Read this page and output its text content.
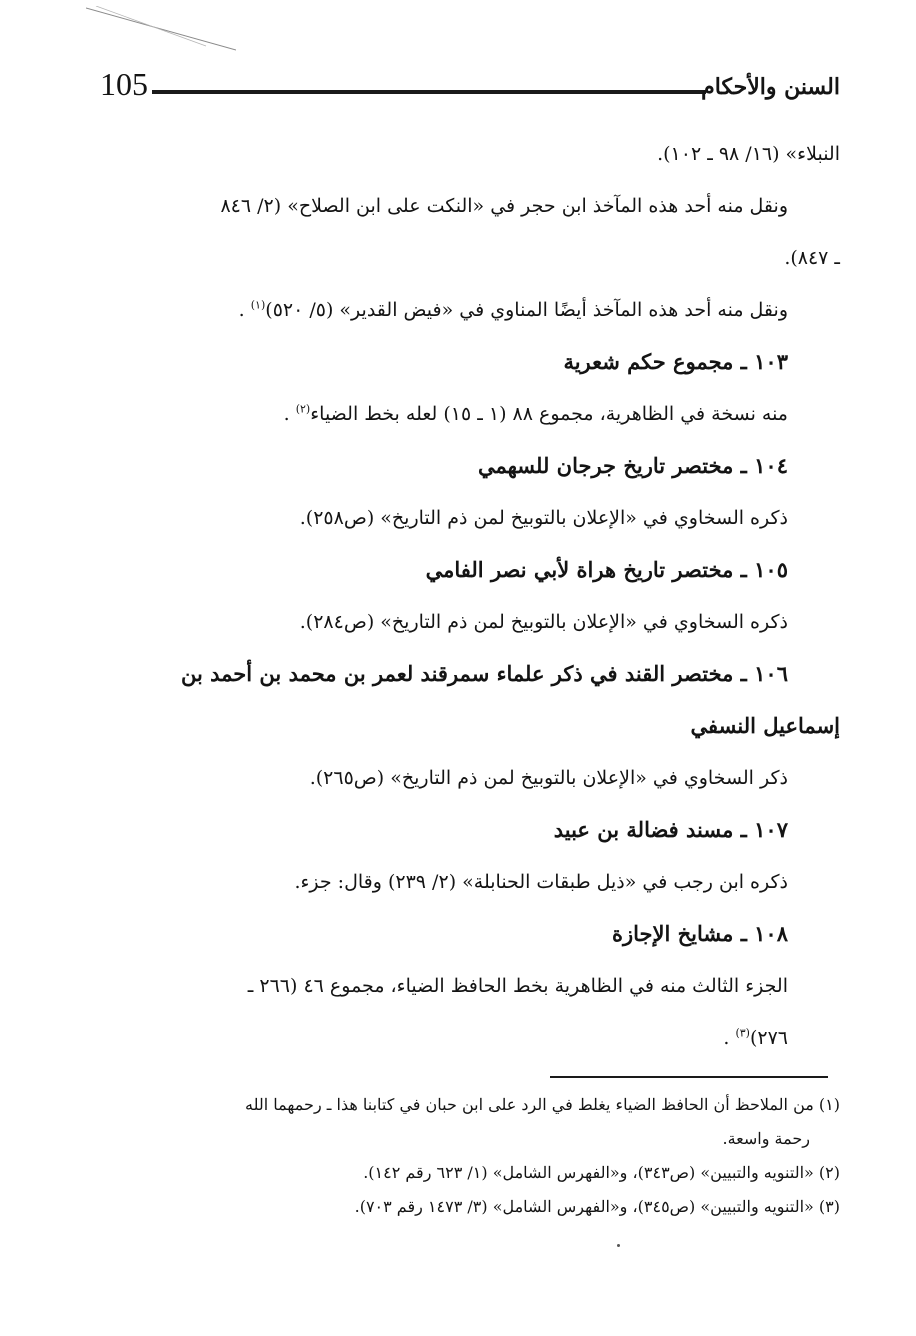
105	السنن والأحكام
النبلاء» (١٦/ ٩٨ ـ ١٠٢).
ونقل منه أحد هذه المآخذ ابن حجر في «النكت على ابن الصلاح» (٢/ ٨٤٦
ـ ٨٤٧).
ونقل منه أحد هذه المآخذ أيضًا المناوي في «فيض القدير» (٥/ ٥٢٠)$^{(١)}$ .
١٠٣ ـ مجموع حكم شعرية
منه نسخة في الظاهرية، مجموع ٨٨ (١ ـ ١٥) لعله بخط الضياء$^{(٢)}$ .
١٠٤ ـ مختصر تاريخ جرجان للسهمي
ذكره السخاوي في «الإعلان بالتوبيخ لمن ذم التاريخ» (ص٢٥٨).
١٠٥ ـ مختصر تاريخ هراة لأبي نصر الفامي
ذكره السخاوي في «الإعلان بالتوبيخ لمن ذم التاريخ» (ص٢٨٤).
١٠٦ ـ مختصر القند في ذكر علماء سمرقند لعمر بن محمد بن أحمد بن
إسماعيل النسفي
ذكر السخاوي في «الإعلان بالتوبيخ لمن ذم التاريخ» (ص٢٦٥).
١٠٧ ـ مسند فضالة بن عبيد
ذكره ابن رجب في «ذيل طبقات الحنابلة» (٢/ ٢٣٩) وقال: جزء.
١٠٨ ـ مشايخ الإجازة
الجزء الثالث منه في الظاهرية بخط الحافظ الضياء، مجموع ٤٦ (٢٦٦ ـ
٢٧٦)$^{(٣)}$ .
(١) من الملاحظ أن الحافظ الضياء يغلط في الرد على ابن حبان في كتابنا هذا ـ رحمهما الله
رحمة واسعة.
(٢) «التنويه والتبيين» (ص٣٤٣)، و«الفهرس الشامل» (١/ ٦٢٣ رقم ١٤٢).
(٣) «التنويه والتبيين» (ص٣٤٥)، و«الفهرس الشامل» (٣/ ١٤٧٣ رقم ٧٠٣).
